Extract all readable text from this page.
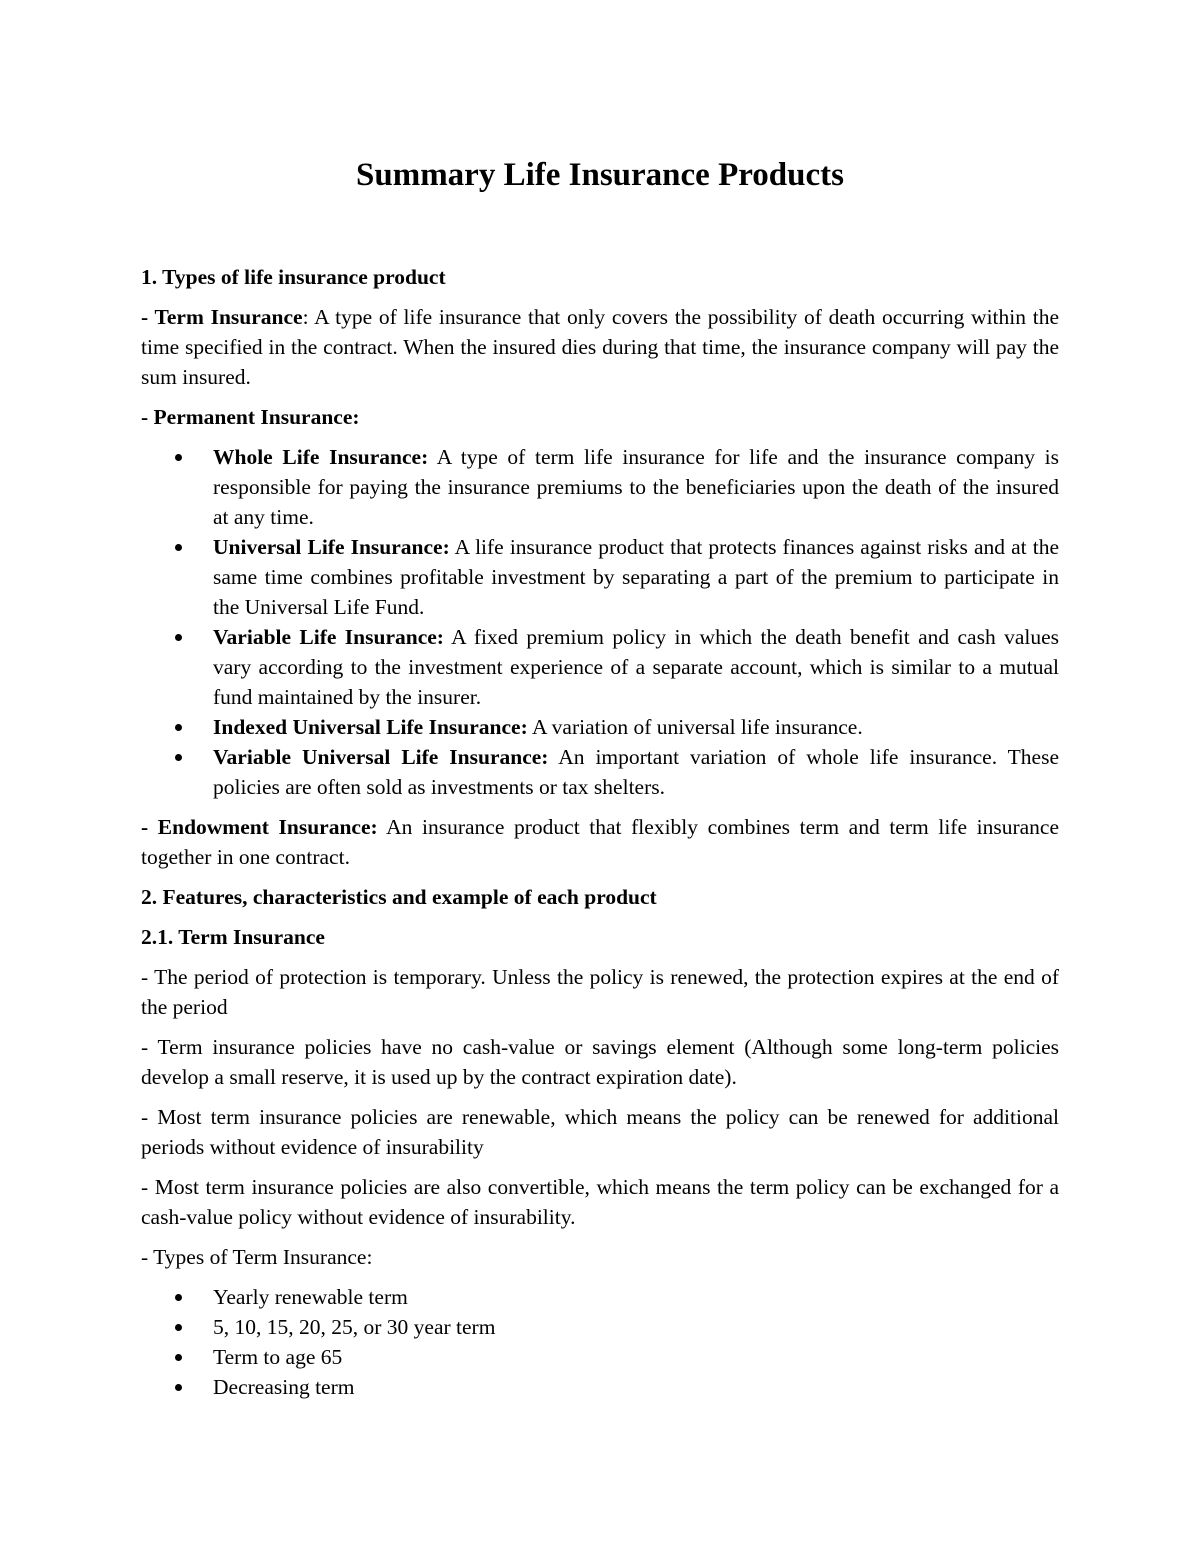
Summary Life Insurance Products
1. Types of life insurance product

- Term Insurance: A type of life insurance that only covers the possibility of death occurring within the time specified in the contract. When the insured dies during that time, the insurance company will pay the sum insured.

- Permanent Insurance:

Whole Life Insurance: A type of term life insurance for life and the insurance company is responsible for paying the insurance premiums to the beneficiaries upon the death of the insured at any time.
Universal Life Insurance: A life insurance product that protects finances against risks and at the same time combines profitable investment by separating a part of the premium to participate in the Universal Life Fund.
Variable Life Insurance: A fixed premium policy in which the death benefit and cash values vary according to the investment experience of a separate account, which is similar to a mutual fund maintained by the insurer.
Indexed Universal Life Insurance: A variation of universal life insurance.
Variable Universal Life Insurance: An important variation of whole life insurance. These policies are often sold as investments or tax shelters.

- Endowment Insurance: An insurance product that flexibly combines term and term life insurance together in one contract.

2. Features, characteristics and example of each product
2.1. Term Insurance

- The period of protection is temporary. Unless the policy is renewed, the protection expires at the end of the period

- Term insurance policies have no cash-value or savings element (Although some long-term policies develop a small reserve, it is used up by the contract expiration date).

- Most term insurance policies are renewable, which means the policy can be renewed for additional periods without evidence of insurability

- Most term insurance policies are also convertible, which means the term policy can be exchanged for a cash-value policy without evidence of insurability.

- Types of Term Insurance:

Yearly renewable term
5, 10, 15, 20, 25, or 30 year term
Term to age 65
Decreasing term
